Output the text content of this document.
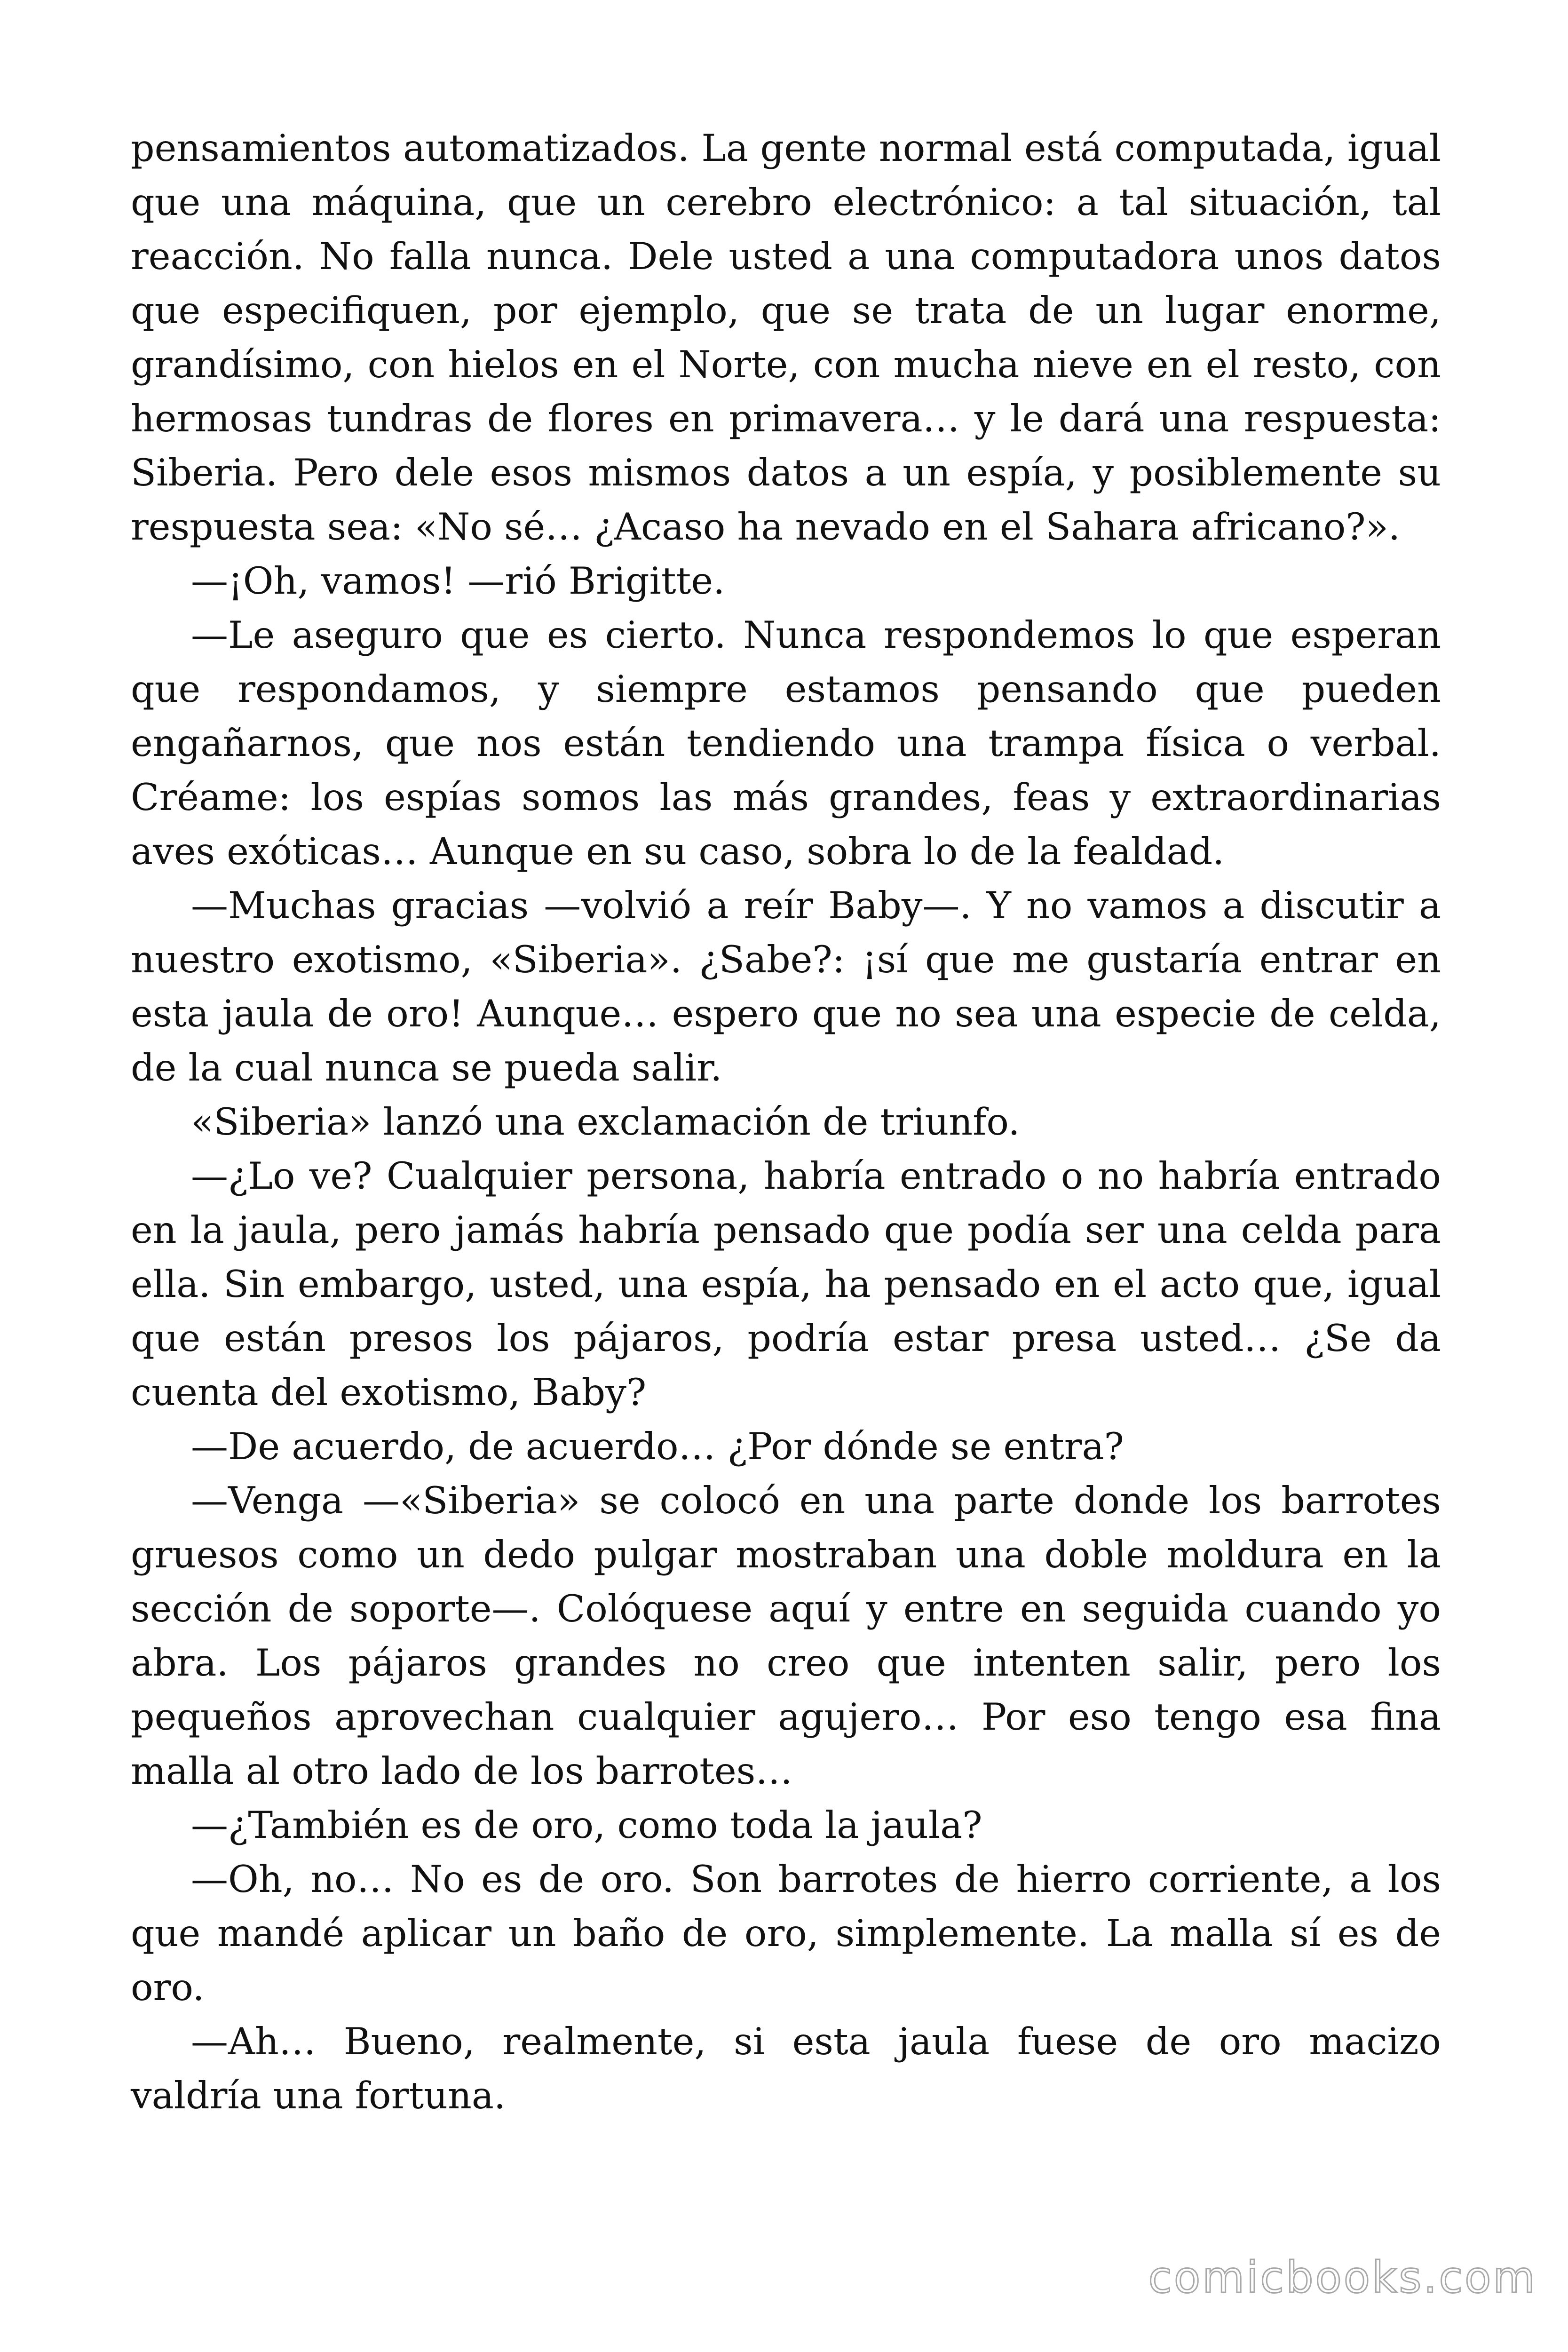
pensamientos automatizados. La gente normal está computada, igual que una máquina, que un cerebro electrónico: a tal situación, tal reacción. No falla nunca. Dele usted a una computadora unos datos que especifiquen, por ejemplo, que se trata de un lugar enorme, grandísimo, con hielos en el Norte, con mucha nieve en el resto, con hermosas tundras de flores en primavera… y le dará una respuesta: Siberia. Pero dele esos mismos datos a un espía, y posiblemente su respuesta sea: «No sé… ¿Acaso ha nevado en el Sahara africano?».

—¡Oh, vamos! —rió Brigitte.

—Le aseguro que es cierto. Nunca respondemos lo que esperan que respondamos, y siempre estamos pensando que pueden engañarnos, que nos están tendiendo una trampa física o verbal. Créame: los espías somos las más grandes, feas y extraordinarias aves exóticas… Aunque en su caso, sobra lo de la fealdad.

—Muchas gracias —volvió a reír Baby—. Y no vamos a discutir a nuestro exotismo, «Siberia». ¿Sabe?: ¡sí que me gustaría entrar en esta jaula de oro! Aunque… espero que no sea una especie de celda, de la cual nunca se pueda salir.

«Siberia» lanzó una exclamación de triunfo.

—¿Lo ve? Cualquier persona, habría entrado o no habría entrado en la jaula, pero jamás habría pensado que podía ser una celda para ella. Sin embargo, usted, una espía, ha pensado en el acto que, igual que están presos los pájaros, podría estar presa usted… ¿Se da cuenta del exotismo, Baby?

—De acuerdo, de acuerdo… ¿Por dónde se entra?

—Venga —«Siberia» se colocó en una parte donde los barrotes gruesos como un dedo pulgar mostraban una doble moldura en la sección de soporte—. Colóquese aquí y entre en seguida cuando yo abra. Los pájaros grandes no creo que intenten salir, pero los pequeños aprovechan cualquier agujero… Por eso tengo esa fina malla al otro lado de los barrotes…

—¿También es de oro, como toda la jaula?

—Oh, no… No es de oro. Son barrotes de hierro corriente, a los que mandé aplicar un baño de oro, simplemente. La malla sí es de oro.

—Ah… Bueno, realmente, si esta jaula fuese de oro macizo valdría una fortuna.

comicbooks.com
